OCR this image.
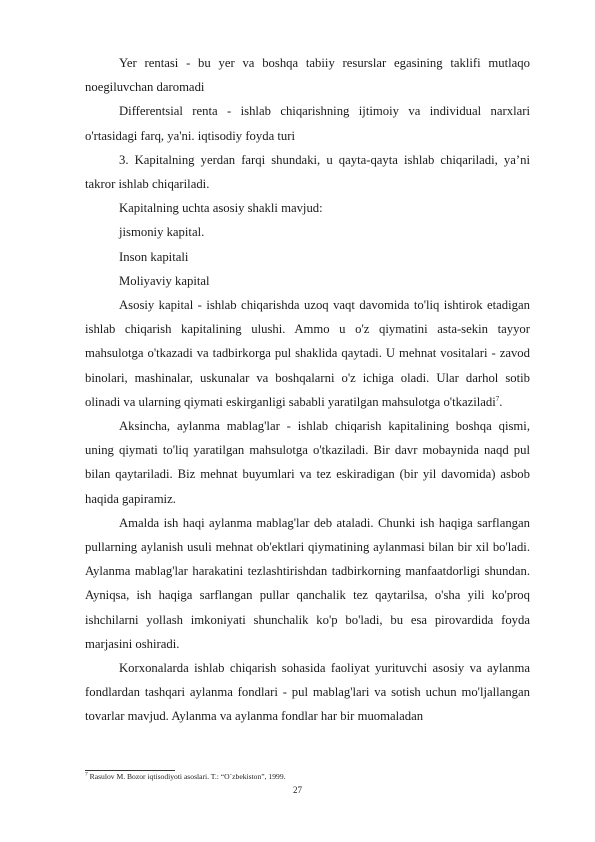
Yer rentasi - bu yer va boshqa tabiiy resurslar egasining taklifi mutlaqo noegiluvchan daromadi

Differentsial renta - ishlab chiqarishning ijtimoiy va individual narxlari o'rtasidagi farq, ya'ni. iqtisodiy foyda turi

3. Kapitalning yerdan farqi shundaki, u qayta-qayta ishlab chiqariladi, ya’ni takror ishlab chiqariladi.

Kapitalning uchta asosiy shakli mavjud:

jismoniy kapital.

Inson kapitali

Moliyaviy kapital

Asosiy kapital - ishlab chiqarishda uzoq vaqt davomida to'liq ishtirok etadigan ishlab chiqarish kapitalining ulushi. Ammo u o'z qiymatini asta-sekin tayyor mahsulotga o'tkazadi va tadbirkorga pul shaklida qaytadi. U mehnat vositalari - zavod binolari, mashinalar, uskunalar va boshqalarni o'z ichiga oladi. Ular darhol sotib olinadi va ularning qiymati eskirganligi sababli yaratilgan mahsulotga o'tkaziladi$^7$.

Aksincha, aylanma mablag'lar - ishlab chiqarish kapitalining boshqa qismi, uning qiymati to'liq yaratilgan mahsulotga o'tkaziladi. Bir davr mobaynida naqd pul bilan qaytariladi. Biz mehnat buyumlari va tez eskiradigan (bir yil davomida) asbob haqida gapiramiz.

Amalda ish haqi aylanma mablag'lar deb ataladi. Chunki ish haqiga sarflangan pullarning aylanish usuli mehnat ob'ektlari qiymatining aylanmasi bilan bir xil bo'ladi. Aylanma mablag'lar harakatini tezlashtirishdan tadbirkorning manfaatdorligi shundan. Ayniqsa, ish haqiga sarflangan pullar qanchalik tez qaytarilsa, o'sha yili ko'proq ishchilarni yollash imkoniyati shunchalik ko'p bo'ladi, bu esa pirovardida foyda marjasini oshiradi.

Korxonalarda ishlab chiqarish sohasida faoliyat yurituvchi asosiy va aylanma fondlardan tashqari aylanma fondlari - pul mablag'lari va sotish uchun mo'ljallangan tovarlar mavjud. Aylanma va aylanma fondlar har bir muomaladan

$^7$ Rasulov M. Bozor iqtisodiyoti asoslari. T.: “O`zbekiston”, 1999.
27
